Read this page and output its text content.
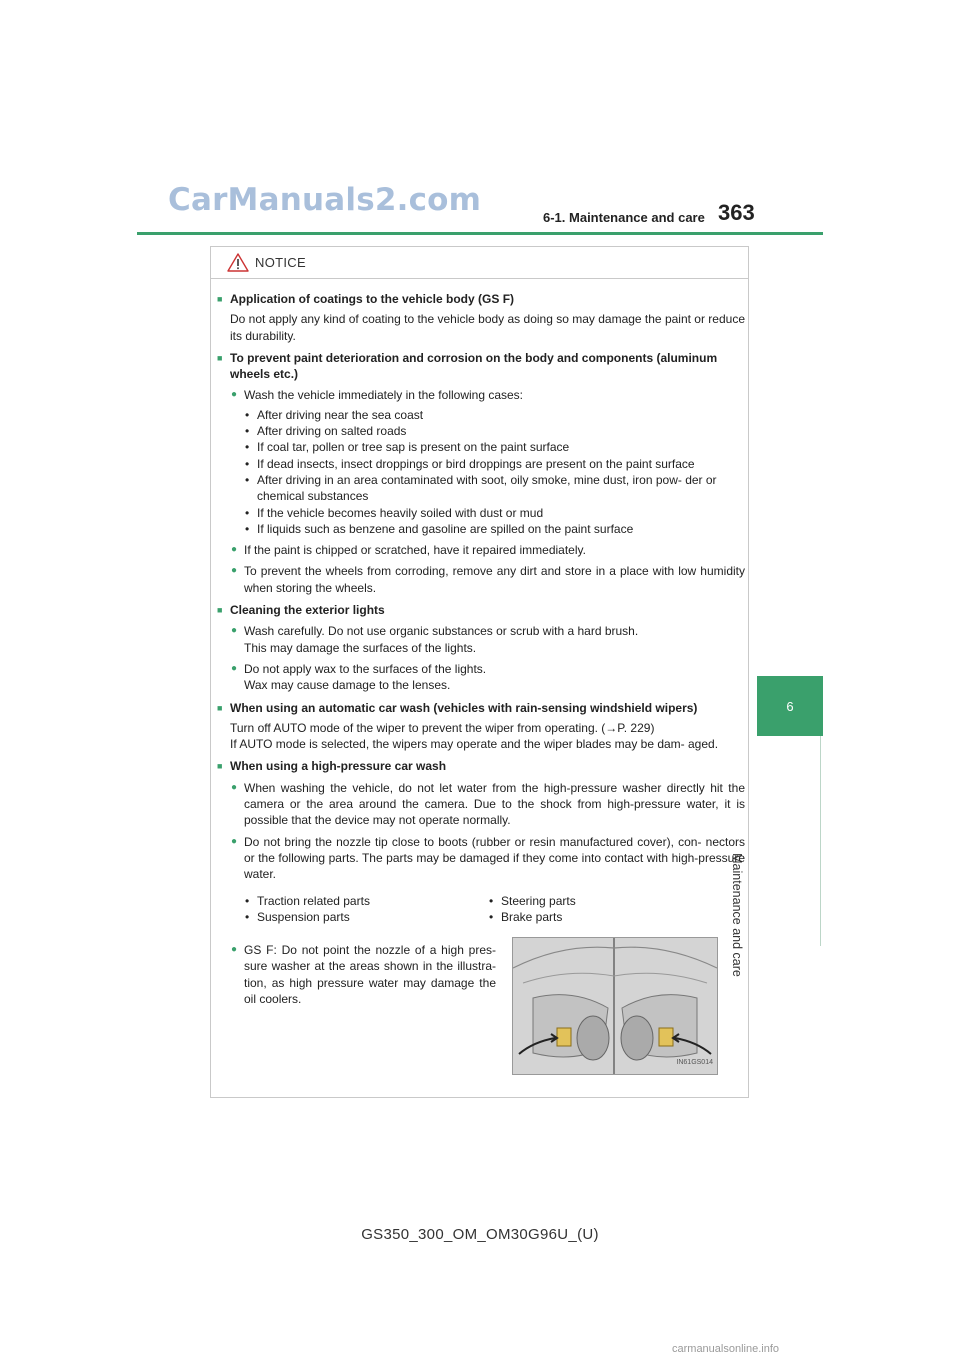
CarManuals2.com	6-1. Maintenance and care 363
6
Maintenance and care
NOTICE

■ Application of coatings to the vehicle body (GS F)

Do not apply any kind of coating to the vehicle body as doing so may damage the paint or reduce its durability.

■ To prevent paint deterioration and corrosion on the body and components (aluminum wheels etc.)

● Wash the vehicle immediately in the following cases:

• After driving near the sea coast

• After driving on salted roads

• If coal tar, pollen or tree sap is present on the paint surface

• If dead insects, insect droppings or bird droppings are present on the paint surface

• After driving in an area contaminated with soot, oily smoke, mine dust, iron pow- der or chemical substances

• If the vehicle becomes heavily soiled with dust or mud

• If liquids such as benzene and gasoline are spilled on the paint surface

● If the paint is chipped or scratched, have it repaired immediately.

● To prevent the wheels from corroding, remove any dirt and store in a place with low humidity when storing the wheels.

■ Cleaning the exterior lights

● Wash carefully. Do not use organic substances or scrub with a hard brush.
This may damage the surfaces of the lights.

● Do not apply wax to the surfaces of the lights.
Wax may cause damage to the lenses.

■ When using an automatic car wash (vehicles with rain-sensing windshield wipers)

Turn off AUTO mode of the wiper to prevent the wiper from operating. (→P. 229)
If AUTO mode is selected, the wipers may operate and the wiper blades may be dam- aged.

■ When using a high-pressure car wash

● When washing the vehicle, do not let water from the high-pressure washer directly hit the camera or the area around the camera. Due to the shock from high-pressure water, it is possible that the device may not operate normally.

● Do not bring the nozzle tip close to boots (rubber or resin manufactured cover), con- nectors or the following parts. The parts may be damaged if they come into contact with high-pressure water.

• Traction related parts

• Suspension parts

• Steering parts

• Brake parts

● GS F: Do not point the nozzle of a high pres- sure washer at the areas shown in the illustra- tion, as high pressure water may damage the oil coolers.

IN61GS014
GS350_300_OM_OM30G96U_(U)
carmanualsonline.info
